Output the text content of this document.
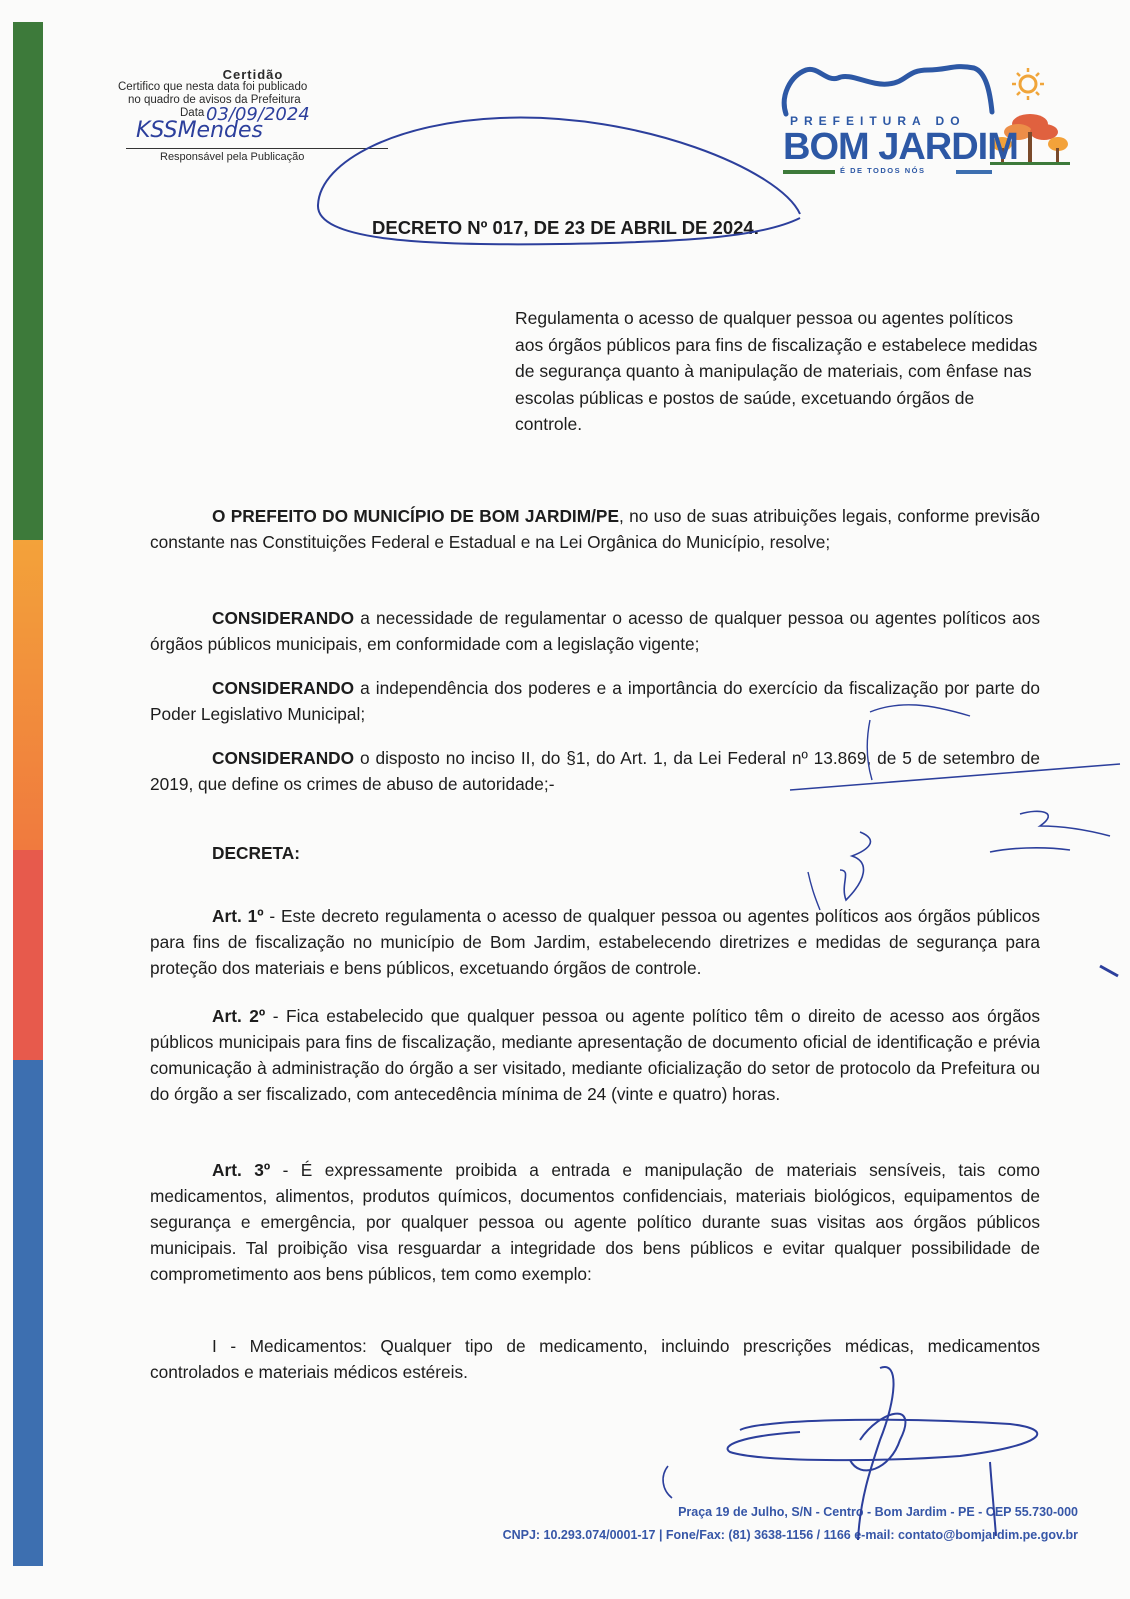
Certidão
Certifico que nesta data foi publicado
no quadro de avisos da Prefeitura
Data 03/09/2024
KSSMendes
Responsável pela Publicação
PREFEITURA DO
BOM JARDIM
É DE TODOS NÓS
DECRETO Nº 017, DE 23 DE ABRIL DE 2024.
Regulamenta o acesso de qualquer pessoa ou agentes políticos aos órgãos públicos para fins de fiscalização e estabelece medidas de segurança quanto à manipulação de materiais, com ênfase nas escolas públicas e postos de saúde, excetuando órgãos de controle.
O PREFEITO DO MUNICÍPIO DE BOM JARDIM/PE, no uso de suas atribuições legais, conforme previsão constante nas Constituições Federal e Estadual e na Lei Orgânica do Município, resolve;
CONSIDERANDO a necessidade de regulamentar o acesso de qualquer pessoa ou agentes políticos aos órgãos públicos municipais, em conformidade com a legislação vigente;
CONSIDERANDO a independência dos poderes e a importância do exercício da fiscalização por parte do Poder Legislativo Municipal;
CONSIDERANDO o disposto no inciso II, do §1, do Art. 1, da Lei Federal nº 13.869, de 5 de setembro de 2019, que define os crimes de abuso de autoridade;-
DECRETA:
Art. 1º - Este decreto regulamenta o acesso de qualquer pessoa ou agentes políticos aos órgãos públicos para fins de fiscalização no município de Bom Jardim, estabelecendo diretrizes e medidas de segurança para proteção dos materiais e bens públicos, excetuando órgãos de controle.
Art. 2º - Fica estabelecido que qualquer pessoa ou agente político têm o direito de acesso aos órgãos públicos municipais para fins de fiscalização, mediante apresentação de documento oficial de identificação e prévia comunicação à administração do órgão a ser visitado, mediante oficialização do setor de protocolo da Prefeitura ou do órgão a ser fiscalizado, com antecedência mínima de 24 (vinte e quatro) horas.
Art. 3º - É expressamente proibida a entrada e manipulação de materiais sensíveis, tais como medicamentos, alimentos, produtos químicos, documentos confidenciais, materiais biológicos, equipamentos de segurança e emergência, por qualquer pessoa ou agente político durante suas visitas aos órgãos públicos municipais. Tal proibição visa resguardar a integridade dos bens públicos e evitar qualquer possibilidade de comprometimento aos bens públicos, tem como exemplo:
I - Medicamentos: Qualquer tipo de medicamento, incluindo prescrições médicas, medicamentos controlados e materiais médicos estéreis.
Praça 19 de Julho, S/N - Centro - Bom Jardim - PE - CEP 55.730-000
CNPJ: 10.293.074/0001-17 | Fone/Fax: (81) 3638-1156 / 1166 e-mail: contato@bomjardim.pe.gov.br
